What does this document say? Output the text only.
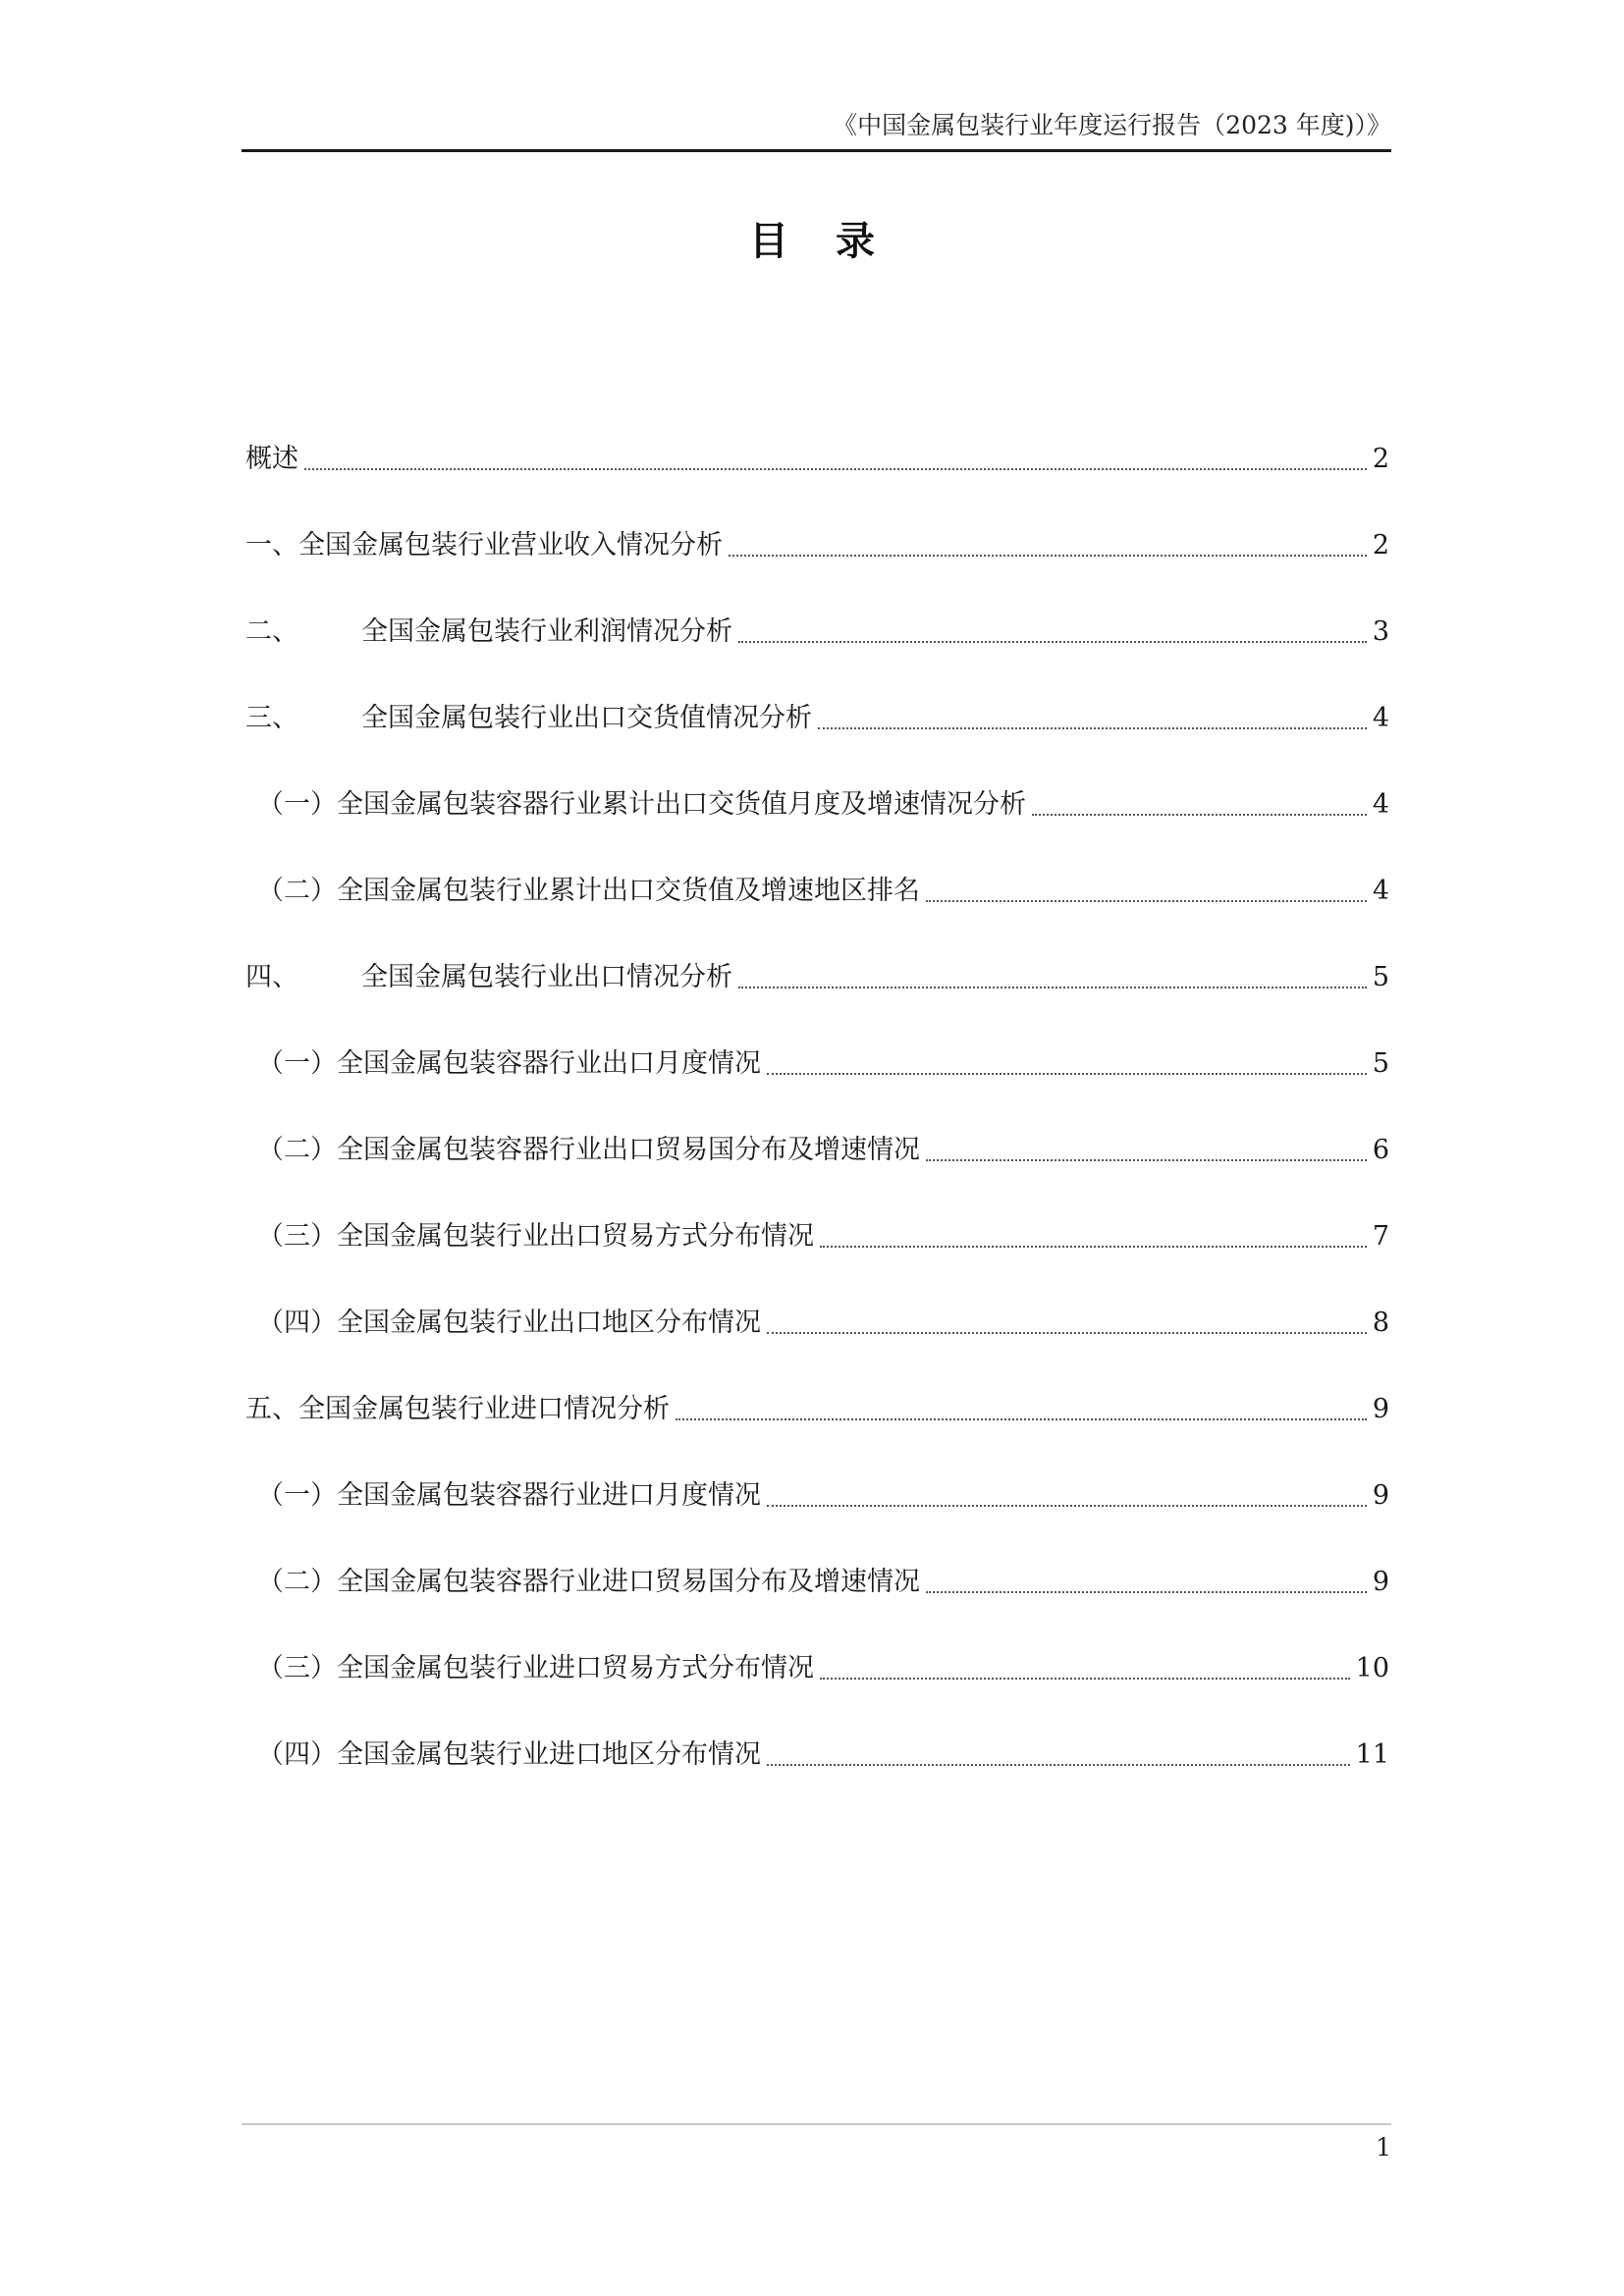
《中国金属包装行业年度运行报告（2023 年度)）》
目录
概述	2
一、 全国金属包装行业营业收入情况分析	2
二、	全国金属包装行业利润情况分析	3
三、	全国金属包装行业出口交货值情况分析	4
（一） 全国金属包装容器行业累计出口交货值月度及增速情况分析	4
（二） 全国金属包装行业累计出口交货值及增速地区排名	4
四、	全国金属包装行业出口情况分析	5
（一） 全国金属包装容器行业出口月度情况	5
（二） 全国金属包装容器行业出口贸易国分布及增速情况	6
（三） 全国金属包装行业出口贸易方式分布情况	7
（四） 全国金属包装行业出口地区分布情况	8
五、 全国金属包装行业进口情况分析	9
（一） 全国金属包装容器行业进口月度情况	9
（二） 全国金属包装容器行业进口贸易国分布及增速情况	9
（三） 全国金属包装行业进口贸易方式分布情况	10
（四） 全国金属包装行业进口地区分布情况	11
1
